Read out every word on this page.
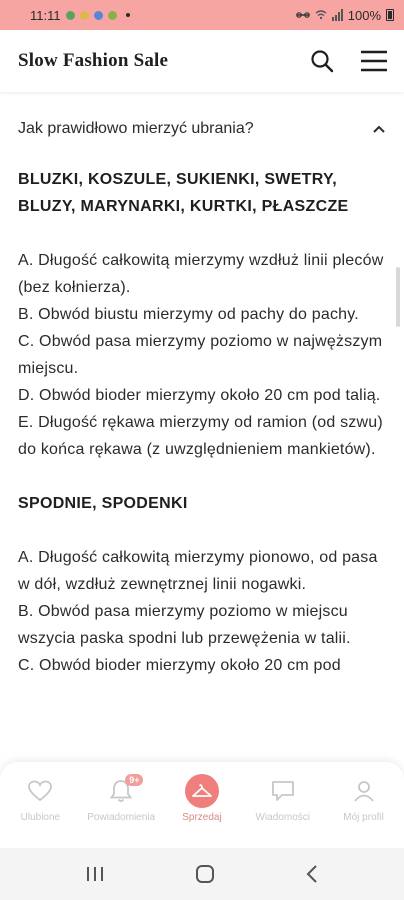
11:11	100%
Slow Fashion Sale
Jak prawidłowo mierzyć ubrania?
BLUZKI, KOSZULE, SUKIENKI, SWETRY,
BLUZY, MARYNARKI, KURTKI, PŁASZCZE

A. Długość całkowitą mierzymy wzdłuż linii pleców (bez kołnierza).

B. Obwód biustu mierzymy od pachy do pachy.

C. Obwód pasa mierzymy poziomo w najwęższym miejscu.

D. Obwód bioder mierzymy około 20 cm pod talią.

E. Długość rękawa mierzymy od ramion (od szwu) do końca rękawa (z uwzględnieniem mankietów).

SPODNIE, SPODENKI

A. Długość całkowitą mierzymy pionowo, od pasa w dół, wzdłuż zewnętrznej linii nogawki.

B. Obwód pasa mierzymy poziomo w miejscu wszycia paska spodni lub przewężenia w talii.

C. Obwód bioder mierzymy około 20 cm pod

Ulubione
9+
Powiadomienia	Sprzedaj	Wiadomości	Mój profil
